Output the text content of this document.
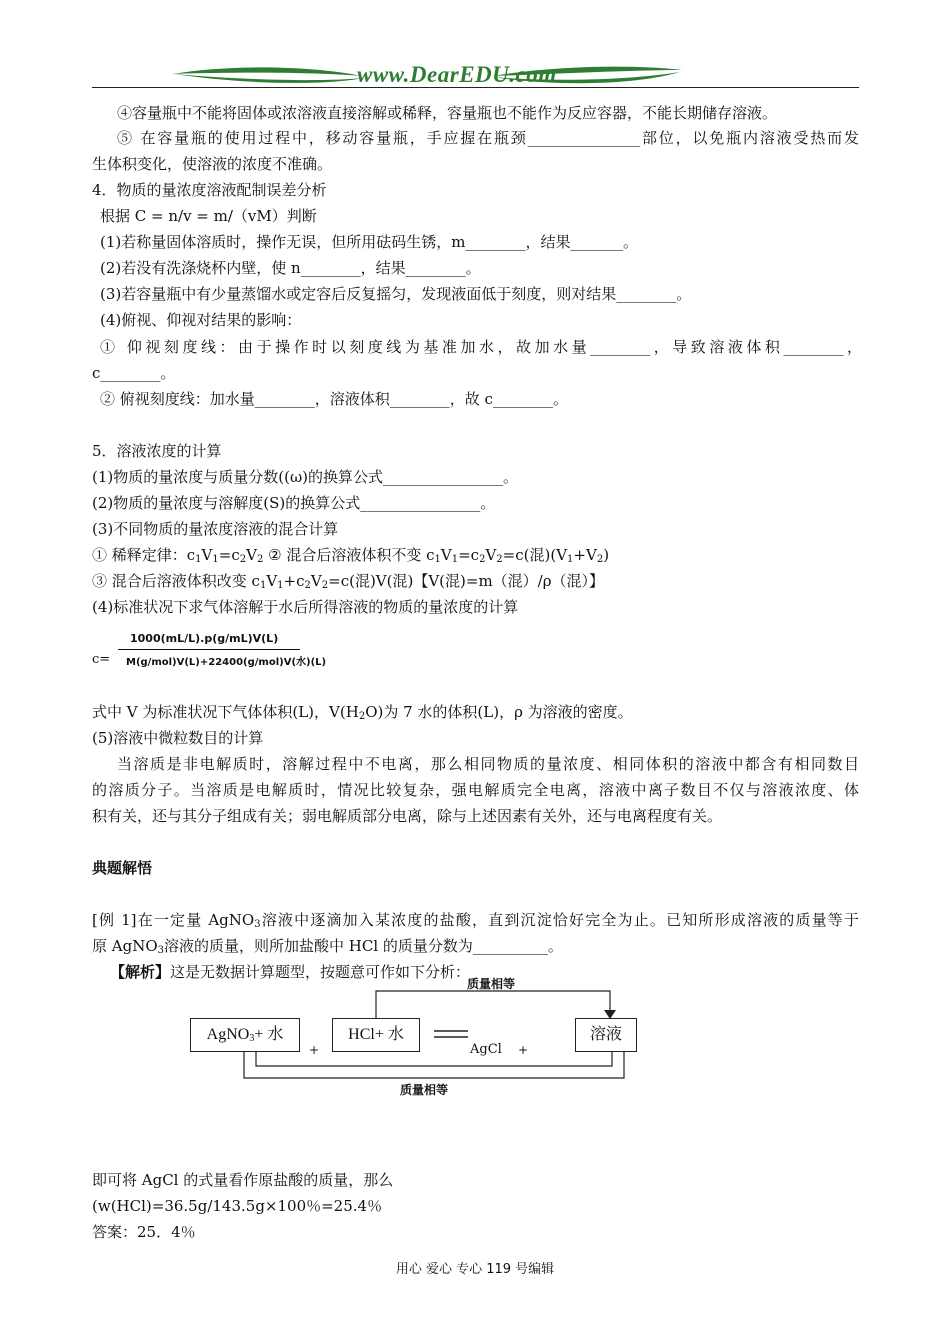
www.DearEDU.com
④容量瓶中不能将固体或浓溶液直接溶解或稀释，容量瓶也不能作为反应容器，不能长期储存溶液。
⑤ 在容量瓶的使用过程中，移动容量瓶，手应握在瓶颈_______________部位，以免瓶内溶液受热而发
生体积变化，使溶液的浓度不准确。
4．物质的量浓度溶液配制误差分析
根据 C = n/v = m/（vM）判断
(1)若称量固体溶质时，操作无误，但所用砝码生锈，m________，结果_______。
(2)若没有洗涤烧杯内壁，使 n________，结果________。
(3)若容量瓶中有少量蒸馏水或定容后反复摇匀，发现液面低于刻度，则对结果________。
(4)俯视、仰视对结果的影响：
① 仰视刻度线：由于操作时以刻度线为基准加水，故加水量________，导致溶液体积________，
c________。
② 俯视刻度线：加水量________，溶液体积________，故 c________。
5．溶液浓度的计算
(1)物质的量浓度与质量分数((ω)的换算公式________________。
(2)物质的量浓度与溶解度(S)的换算公式________________。
(3)不同物质的量浓度溶液的混合计算
① 稀释定律：$c_1V_1=c_2V_2$ ② 混合后溶液体积不变 $c_1V_1=c_2V_2=c$(混)$(V_1+V_2)$
③ 混合后溶液体积改变 $c_1V_1+c_2V_2=c$(混)V(混)【V(混)=m（混）/ρ（混）】
(4)标准状况下求气体溶解于水后所得溶液的物质的量浓度的计算
1000(mL/L).p(g/mL)V(L)
c= M(g/mol)V(L)+22400(g/mol)V(水)(L)
式中 V 为标准状况下气体体积(L)，$V(H_2O)$为 7 水的体积(L)，ρ 为溶液的密度。
(5)溶液中微粒数目的计算
当溶质是非电解质时，溶解过程中不电离，那么相同物质的量浓度、相同体积的溶液中都含有相同数目
的溶质分子。当溶质是电解质时，情况比较复杂，强电解质完全电离，溶液中离子数目不仅与溶液浓度、体
积有关，还与其分子组成有关；弱电解质部分电离，除与上述因素有关外，还与电离程度有关。
典题解悟
[例 1]在一定量 AgNO$_3$溶液中逐滴加入某浓度的盐酸，直到沉淀恰好完全为止。已知所形成溶液的质量等于
原 AgNO$_3$溶液的质量，则所加盐酸中 HCl 的质量分数为__________。
【解析】这是无数据计算题型，按题意可作如下分析：
质量相等
AgNO$_3$+ 水
+
HCl+ 水
AgCl +
溶液
质量相等
即可将 AgCl 的式量看作原盐酸的质量，那么
(w(HCl)=36.5g/143.5g×100％=25.4％
答案：25．4％
用心 爱心 专心 119 号编辑
